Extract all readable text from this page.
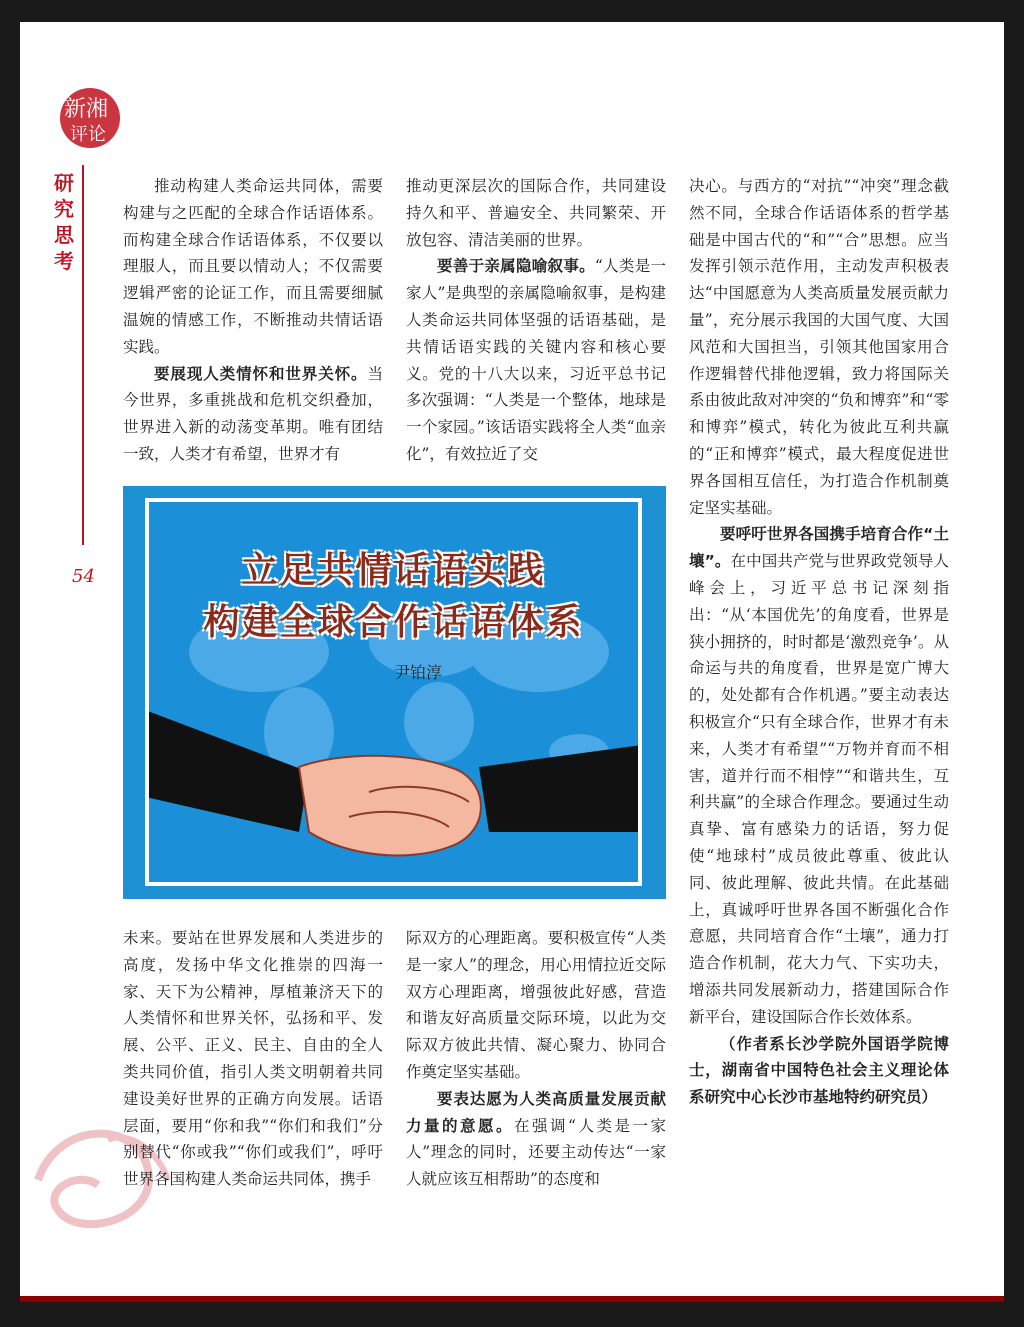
新湘
评论
研究思考
54

推动构建人类命运共同体，需要构建与之匹配的全球合作话语体系。而构建全球合作话语体系，不仅要以理服人，而且要以情动人；不仅需要逻辑严密的论证工作，而且需要细腻温婉的情感工作，不断推动共情话语实践。

要展现人类情怀和世界关怀。当今世界，多重挑战和危机交织叠加，世界进入新的动荡变革期。唯有团结一致，人类才有希望，世界才有

推动更深层次的国际合作，共同建设持久和平、普遍安全、共同繁荣、开放包容、清洁美丽的世界。

要善于亲属隐喻叙事。“人类是一家人”是典型的亲属隐喻叙事，是构建人类命运共同体坚强的话语基础，是共情话语实践的关键内容和核心要义。党的十八大以来，习近平总书记多次强调：“人类是一个整体，地球是一个家园。”该话语实践将全人类“血亲化”，有效拉近了交

决心。与西方的“对抗”“冲突”理念截然不同，全球合作话语体系的哲学基础是中国古代的“和”“合”思想。应当发挥引领示范作用，主动发声积极表达“中国愿意为人类高质量发展贡献力量”，充分展示我国的大国气度、大国风范和大国担当，引领其他国家用合作逻辑替代排他逻辑，致力将国际关系由彼此敌对冲突的“负和博弈”和“零和博弈”模式，转化为彼此互利共赢的“正和博弈”模式，最大程度促进世界各国相互信任，为打造合作机制奠定坚实基础。

要呼吁世界各国携手培育合作“土壤”。在中国共产党与世界政党领导人峰会上，习近平总书记深刻指出：“从‘本国优先’的角度看，世界是狭小拥挤的，时时都是‘激烈竞争’。从命运与共的角度看，世界是宽广博大的，处处都有合作机遇。”要主动表达积极宣介“只有全球合作，世界才有未来，人类才有希望”“万物并育而不相害，道并行而不相悖”“和谐共生，互利共赢”的全球合作理念。要通过生动真挚、富有感染力的话语，努力促使“地球村”成员彼此尊重、彼此认同、彼此理解、彼此共情。在此基础上，真诚呼吁世界各国不断强化合作意愿，共同培育合作“土壤”，通力打造合作机制，花大力气、下实功夫，增添共同发展新动力，搭建国际合作新平台，建设国际合作长效体系。

（作者系长沙学院外国语学院博士，湖南省中国特色社会主义理论体系研究中心长沙市基地特约研究员）

立足共情话语实践
构建全球合作话语体系
尹铂淳

未来。要站在世界发展和人类进步的高度，发扬中华文化推崇的四海一家、天下为公精神，厚植兼济天下的人类情怀和世界关怀，弘扬和平、发展、公平、正义、民主、自由的全人类共同价值，指引人类文明朝着共同建设美好世界的正确方向发展。话语层面，要用“你和我”“你们和我们”分别替代“你或我”“你们或我们”，呼吁世界各国构建人类命运共同体，携手

际双方的心理距离。要积极宣传“人类是一家人”的理念，用心用情拉近交际双方心理距离，增强彼此好感，营造和谐友好高质量交际环境，以此为交际双方彼此共情、凝心聚力、协同合作奠定坚实基础。

要表达愿为人类高质量发展贡献力量的意愿。在强调“人类是一家人”理念的同时，还要主动传达“一家人就应该互相帮助”的态度和
